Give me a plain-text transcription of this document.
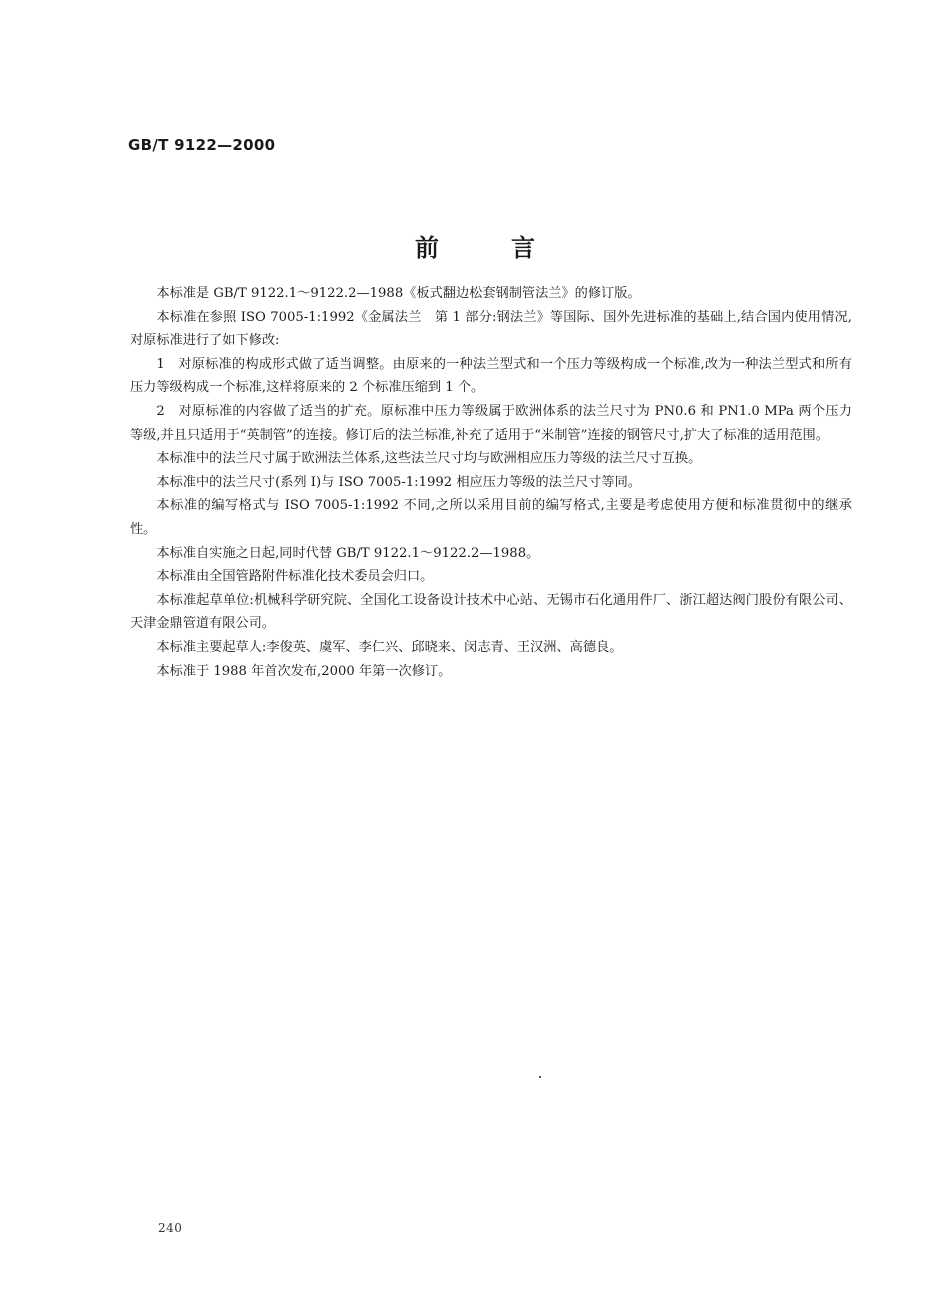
GB/T 9122—2000
前	言

本标准是 GB/T 9122.1～9122.2—1988《板式翻边松套钢制管法兰》的修订版。

本标准在参照 ISO 7005-1:1992《金属法兰　第 1 部分:钢法兰》等国际、国外先进标准的基础上,结合国内使用情况,对原标准进行了如下修改:

1　对原标准的构成形式做了适当调整。由原来的一种法兰型式和一个压力等级构成一个标准,改为一种法兰型式和所有压力等级构成一个标准,这样将原来的 2 个标准压缩到 1 个。

2　对原标准的内容做了适当的扩充。原标准中压力等级属于欧洲体系的法兰尺寸为 PN0.6 和 PN1.0 MPa 两个压力等级,并且只适用于“英制管”的连接。修订后的法兰标准,补充了适用于“米制管”连接的钢管尺寸,扩大了标准的适用范围。

本标准中的法兰尺寸属于欧洲法兰体系,这些法兰尺寸均与欧洲相应压力等级的法兰尺寸互换。

本标准中的法兰尺寸(系列 Ⅰ)与 ISO 7005-1:1992 相应压力等级的法兰尺寸等同。

本标准的编写格式与 ISO 7005-1:1992 不同,之所以采用目前的编写格式,主要是考虑使用方便和标准贯彻中的继承性。

本标准自实施之日起,同时代替 GB/T 9122.1～9122.2—1988。

本标准由全国管路附件标准化技术委员会归口。

本标准起草单位:机械科学研究院、全国化工设备设计技术中心站、无锡市石化通用件厂、浙江超达阀门股份有限公司、天津金鼎管道有限公司。

本标准主要起草人:李俊英、虞军、李仁兴、邱晓来、闵志青、王汉洲、高德良。

本标准于 1988 年首次发布,2000 年第一次修订。

240
